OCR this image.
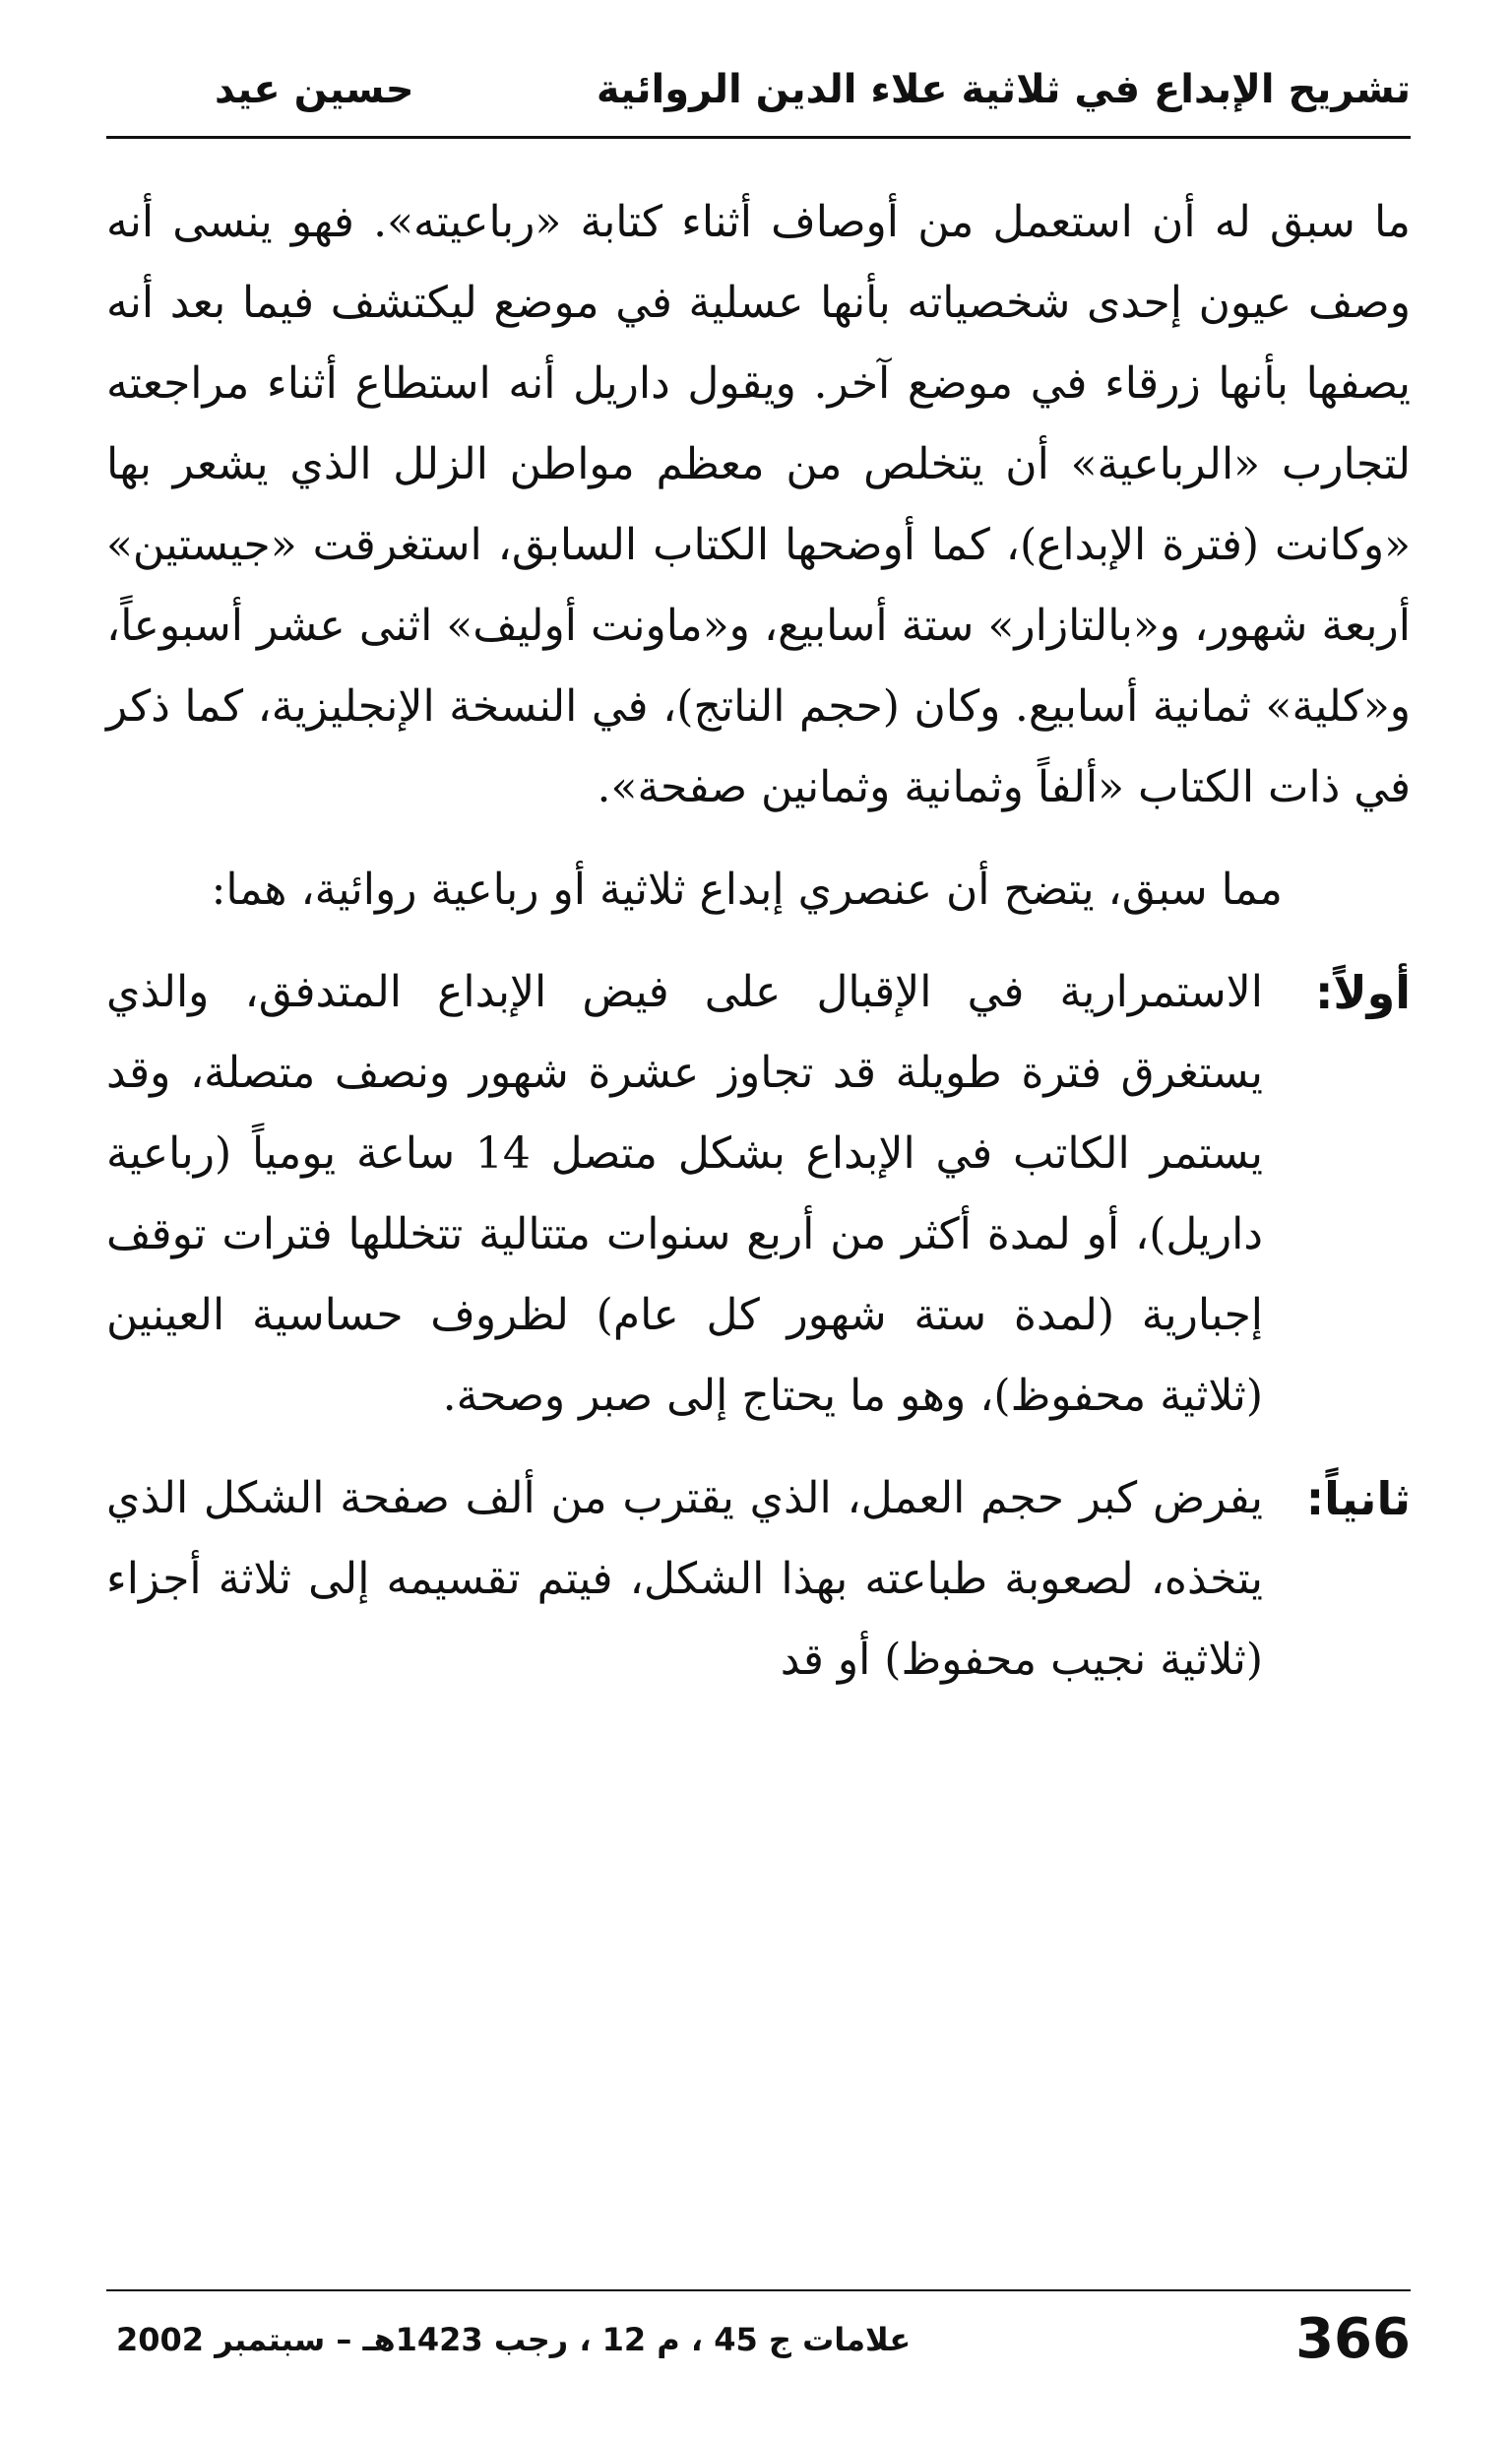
تشريح الإبداع في ثلاثية علاء الدين الروائية
حسين عيد

ما سبق له أن استعمل من أوصاف أثناء كتابة «رباعيته». فهو ينسى أنه وصف عيون إحدى شخصياته بأنها عسلية في موضع ليكتشف فيما بعد أنه يصفها بأنها زرقاء في موضع آخر. ويقول داريل أنه استطاع أثناء مراجعته لتجارب «الرباعية» أن يتخلص من معظم مواطن الزلل الذي يشعر بها «وكانت (فترة الإبداع)، كما أوضحها الكتاب السابق، استغرقت «جيستين» أربعة شهور، و«بالتازار» ستة أسابيع، و«ماونت أوليف» اثنى عشر أسبوعاً، و«كلية» ثمانية أسابيع. وكان (حجم الناتج)، في النسخة الإنجليزية، كما ذكر في ذات الكتاب «ألفاً وثمانية وثمانين صفحة».

مما سبق، يتضح أن عنصري إبداع ثلاثية أو رباعية روائية، هما:

أولاً:
الاستمرارية في الإقبال على فيض الإبداع المتدفق، والذي يستغرق فترة طويلة قد تجاوز عشرة شهور ونصف متصلة، وقد يستمر الكاتب في الإبداع بشكل متصل 14 ساعة يومياً (رباعية داريل)، أو لمدة أكثر من أربع سنوات متتالية تتخللها فترات توقف إجبارية (لمدة ستة شهور كل عام) لظروف حساسية العينين (ثلاثية محفوظ)، وهو ما يحتاج إلى صبر وصحة.
ثانياً:
يفرض كبر حجم العمل، الذي يقترب من ألف صفحة الشكل الذي يتخذه، لصعوبة طباعته بهذا الشكل، فيتم تقسيمه إلى ثلاثة أجزاء (ثلاثية نجيب محفوظ) أو قد
366
علامات ج 45 ، م 12 ، رجب 1423هـ – سبتمبر 2002
